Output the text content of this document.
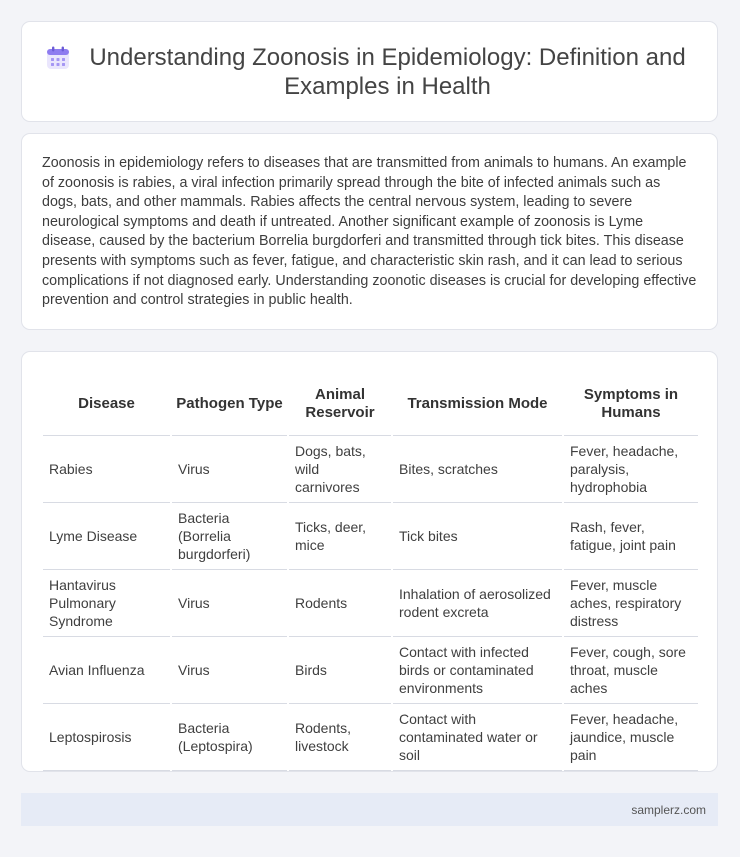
Understanding Zoonosis in Epidemiology: Definition and Examples in Health

Zoonosis in epidemiology refers to diseases that are transmitted from animals to humans. An example of zoonosis is rabies, a viral infection primarily spread through the bite of infected animals such as dogs, bats, and other mammals. Rabies affects the central nervous system, leading to severe neurological symptoms and death if untreated. Another significant example of zoonosis is Lyme disease, caused by the bacterium Borrelia burgdorferi and transmitted through tick bites. This disease presents with symptoms such as fever, fatigue, and characteristic skin rash, and it can lead to serious complications if not diagnosed early. Understanding zoonotic diseases is crucial for developing effective prevention and control strategies in public health.

Disease	Pathogen Type	Animal Reservoir	Transmission Mode	Symptoms in Humans
Rabies	Virus	Dogs, bats, wild carnivores	Bites, scratches	Fever, headache, paralysis, hydrophobia
Lyme Disease	Bacteria (Borrelia burgdorferi)	Ticks, deer, mice	Tick bites	Rash, fever, fatigue, joint pain
Hantavirus Pulmonary Syndrome	Virus	Rodents	Inhalation of aerosolized rodent excreta	Fever, muscle aches, respiratory distress
Avian Influenza	Virus	Birds	Contact with infected birds or contaminated environments	Fever, cough, sore throat, muscle aches
Leptospirosis	Bacteria (Leptospira)	Rodents, livestock	Contact with contaminated water or soil	Fever, headache, jaundice, muscle pain
samplerz.com
